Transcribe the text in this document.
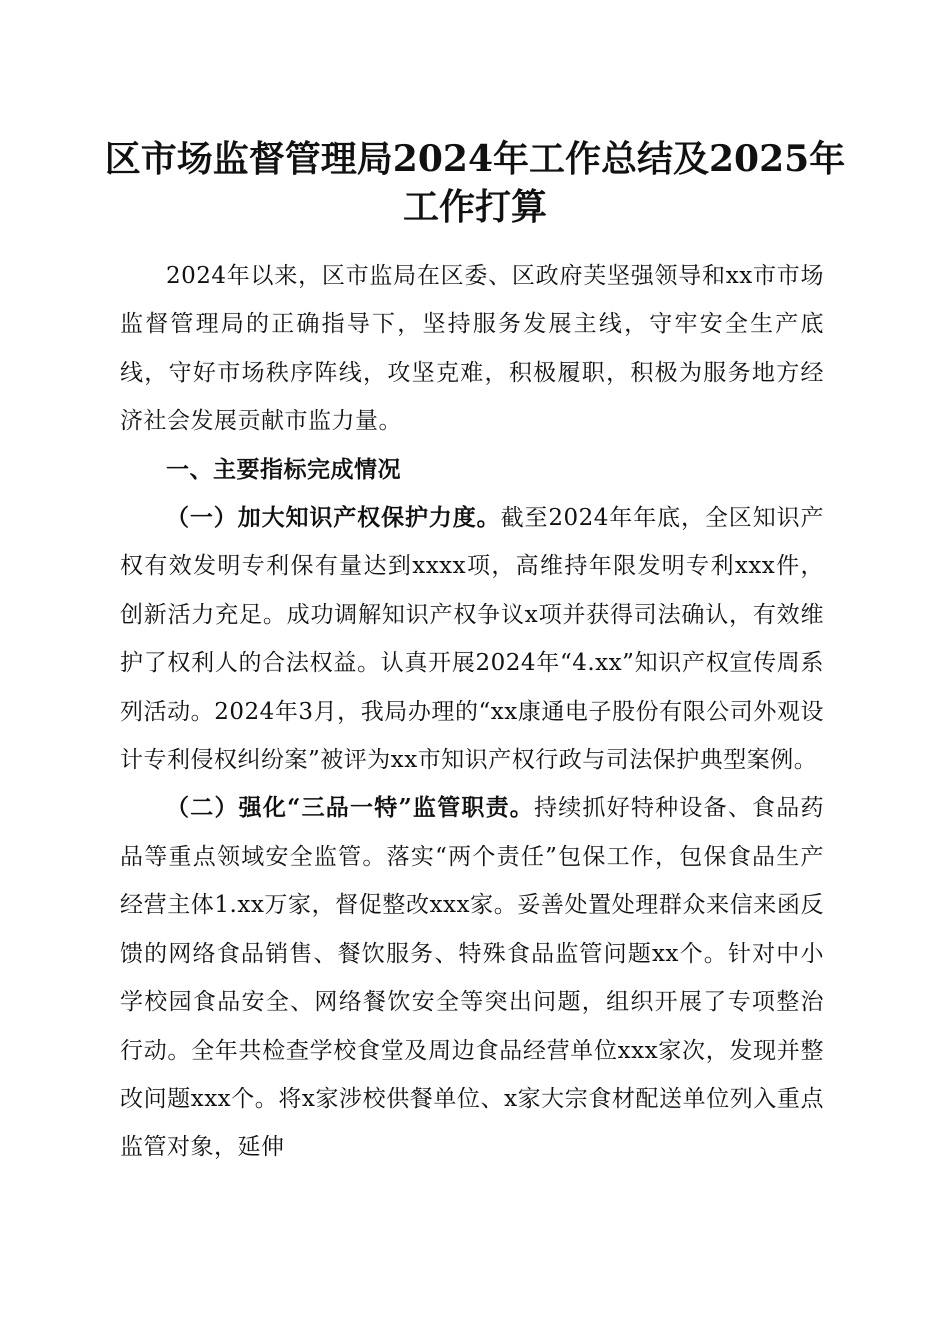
区市场监督管理局2024年工作总结及2025年
工作打算

2024年以来，区市监局在区委、区政府芙坚强领导和xx市市场监督管理局的正确指导下，坚持服务发展主线，守牢安全生产底线，守好市场秩序阵线，攻坚克难，积极履职，积极为服务地方经济社会发展贡献市监力量。

一、主要指标完成情况

（一）加大知识产权保护力度。截至2024年年底，全区知识产权有效发明专利保有量达到xxxx项，高维持年限发明专利xxx件，创新活力充足。成功调解知识产权争议x项并获得司法确认，有效维护了权利人的合法权益。认真开展2024年“4.xx”知识产权宣传周系列活动。2024年3月，我局办理的“xx康通电子股份有限公司外观设计专利侵权纠纷案”被评为xx市知识产权行政与司法保护典型案例。

（二）强化“三品一特”监管职责。持续抓好特种设备、食品药品等重点领域安全监管。落实“两个责任”包保工作，包保食品生产经营主体1.xx万家，督促整改xxx家。妥善处置处理群众来信来函反馈的网络食品销售、餐饮服务、特殊食品监管问题xx个。针对中小学校园食品安全、网络餐饮安全等突出问题，组织开展了专项整治行动。全年共检查学校食堂及周边食品经营单位xxx家次，发现并整改问题xxx个。将x家涉校供餐单位、x家大宗食材配送单位列入重点监管对象，延伸
